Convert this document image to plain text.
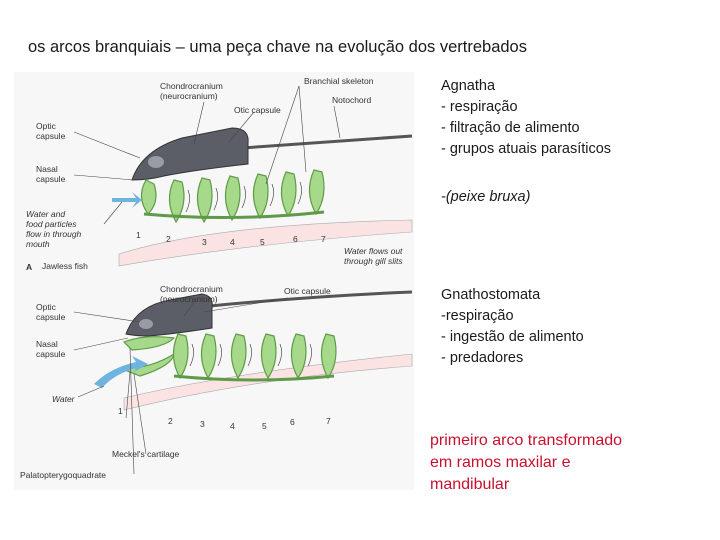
os arcos branquiais – uma peça chave na evolução dos vertrebados
Chondrocranium
(neurocranium)
Branchial skeleton
Otic capsule
Notochord
Optic
capsule
Nasal
capsule
Water and
food particles
flow in through
mouth
Water flows out
through gill slits
1	2	3	4	5	6	7
A Jawless fish
Chondrocranium
(neurocranium)
Otic capsule
Optic
capsule
Nasal
capsule
Water
Meckel's cartilage
Palatopterygoquadrate
1
2	3	4	5	6	7
Agnatha
- respiração
- filtração de alimento
- grupos atuais parasíticos
-(peixe bruxa)
Gnathostomata
-respiração
- ingestão de alimento
- predadores
primeiro arco transformado
em ramos maxilar e
mandibular
